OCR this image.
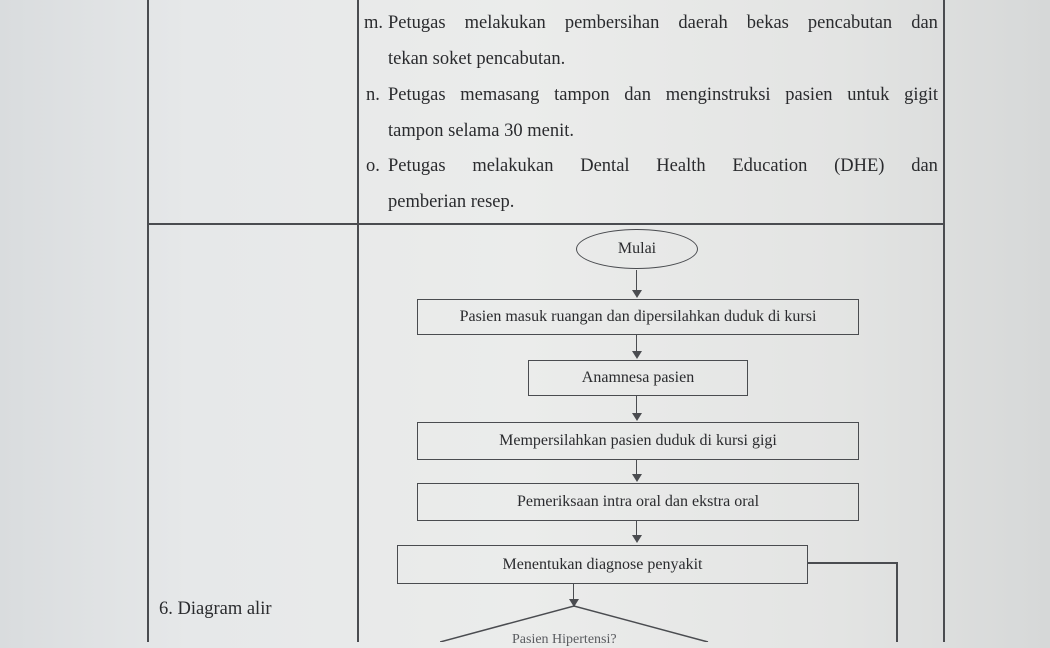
m. Petugas melakukan pembersihan daerah bekas pencabutan dan
tekan soket pencabutan.
n. Petugas memasang tampon dan menginstruksi pasien untuk gigit
tampon selama 30 menit.
o. Petugas melakukan Dental Health Education (DHE) dan
pemberian resep.
6. Diagram alir
Mulai
Pasien masuk ruangan dan dipersilahkan duduk di kursi
Anamnesa pasien
Mempersilahkan pasien duduk di kursi gigi
Pemeriksaan intra oral dan ekstra oral
Menentukan diagnose penyakit
Pasien Hipertensi?
